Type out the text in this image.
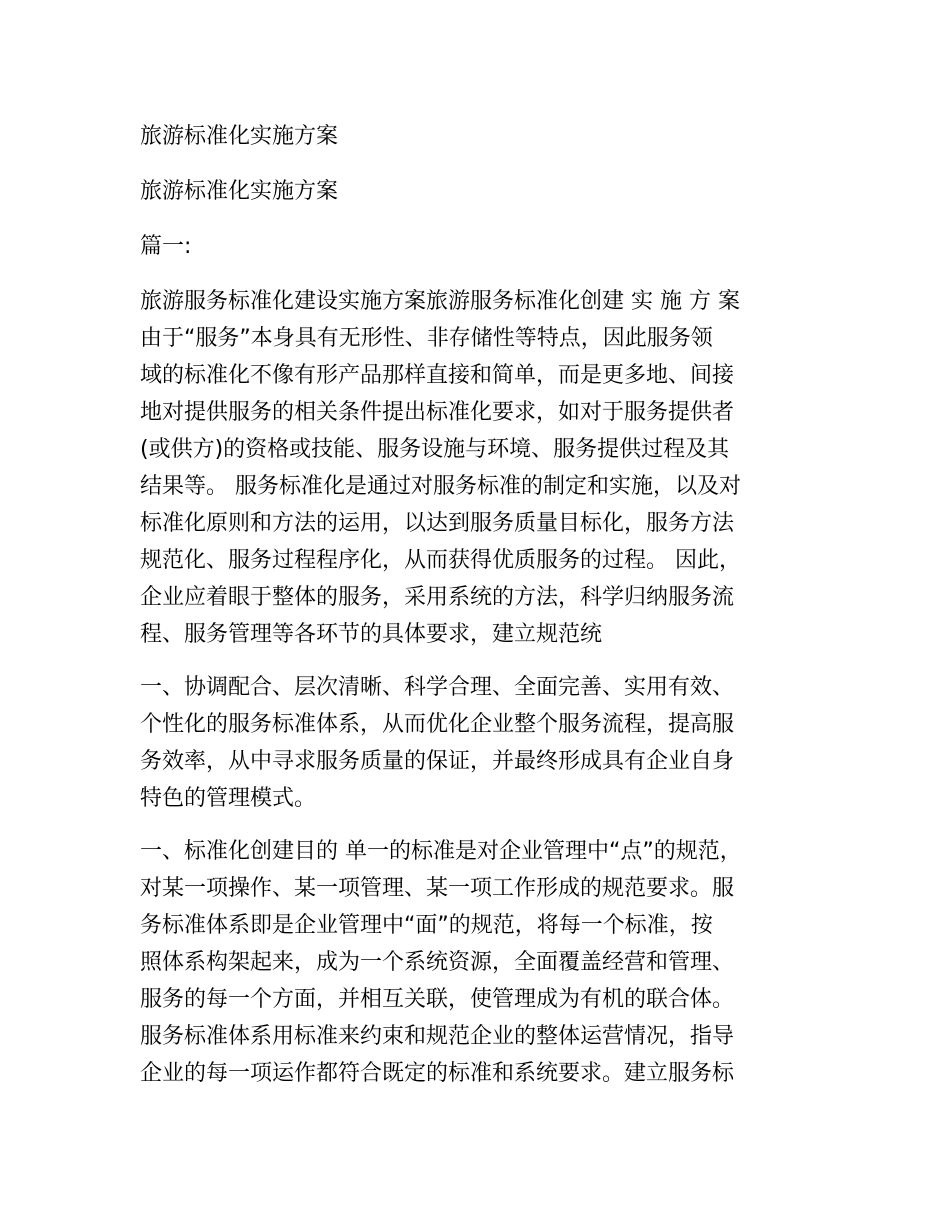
旅游标准化实施方案
旅游标准化实施方案
篇一:
旅游服务标准化建设实施方案旅游服务标准化创建 实 施 方 案
由于“服务”本身具有无形性、非存储性等特点，因此服务领
域的标准化不像有形产品那样直接和简单，而是更多地、间接
地对提供服务的相关条件提出标准化要求，如对于服务提供者
(或供方)的资格或技能、服务设施与环境、服务提供过程及其
结果等。 服务标准化是通过对服务标准的制定和实施，以及对
标准化原则和方法的运用，以达到服务质量目标化，服务方法
规范化、服务过程程序化，从而获得优质服务的过程。 因此，
企业应着眼于整体的服务，采用系统的方法，科学归纳服务流
程、服务管理等各环节的具体要求，建立规范统
一、协调配合、层次清晰、科学合理、全面完善、实用有效、
个性化的服务标准体系，从而优化企业整个服务流程，提高服
务效率，从中寻求服务质量的保证，并最终形成具有企业自身
特色的管理模式。
一、标准化创建目的 单一的标准是对企业管理中“点”的规范，
对某一项操作、某一项管理、某一项工作形成的规范要求。服
务标准体系即是企业管理中“面”的规范，将每一个标准，按
照体系构架起来，成为一个系统资源，全面覆盖经营和管理、
服务的每一个方面，并相互关联，使管理成为有机的联合体。
服务标准体系用标准来约束和规范企业的整体运营情况，指导
企业的每一项运作都符合既定的标准和系统要求。建立服务标
